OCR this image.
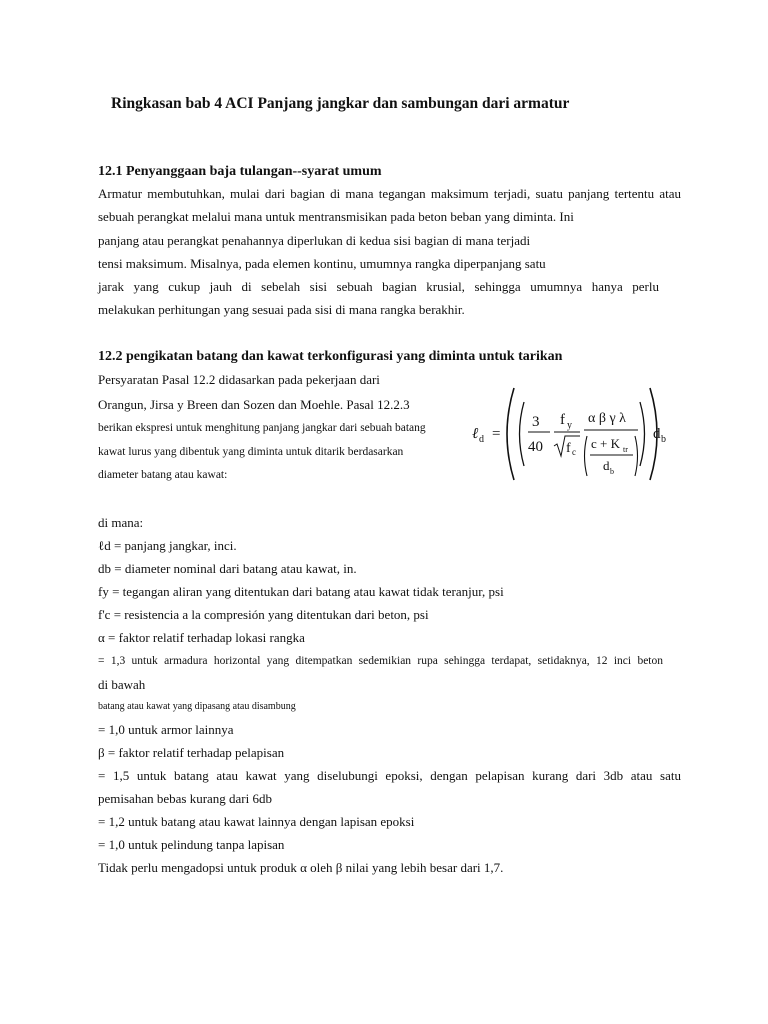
Ringkasan bab 4 ACI Panjang jangkar dan sambungan dari armatur
12.1 Penyanggaan baja tulangan--syarat umum
Armatur membutuhkan, mulai dari bagian di mana tegangan maksimum terjadi, suatu panjang tertentu atau
sebuah perangkat melalui mana untuk mentransmisikan pada beton beban yang diminta. Ini
panjang atau perangkat penahannya diperlukan di kedua sisi bagian di mana terjadi
tensi maksimum. Misalnya, pada elemen kontinu, umumnya rangka diperpanjang satu
jarak yang cukup jauh di sebelah sisi sebuah bagian krusial, sehingga umumnya hanya perlu
melakukan perhitungan yang sesuai pada sisi di mana rangka berakhir.
12.2 pengikatan batang dan kawat terkonfigurasi yang diminta untuk tarikan
Persyaratan Pasal 12.2 didasarkan pada pekerjaan dari
Orangun, Jirsa y Breen dan Sozen dan Moehle. Pasal 12.2.3
berikan ekspresi untuk menghitung panjang jangkar dari sebuah batang
kawat lurus yang dibentuk yang diminta untuk ditarik berdasarkan
diameter batang atau kawat:
ℓ d =
3
40
f y
f c
α β γ λ
c + K tr
d b
d b
di mana:
ℓd = panjang jangkar, inci.
db = diameter nominal dari batang atau kawat, in.
fy = tegangan aliran yang ditentukan dari batang atau kawat tidak teranjur, psi
f'c = resistencia a la compresión yang ditentukan dari beton, psi
α = faktor relatif terhadap lokasi rangka
= 1,3 untuk armadura horizontal yang ditempatkan sedemikian rupa sehingga terdapat, setidaknya, 12 inci beton
di bawah
batang atau kawat yang dipasang atau disambung
= 1,0 untuk armor lainnya
β = faktor relatif terhadap pelapisan
= 1,5 untuk batang atau kawat yang diselubungi epoksi, dengan pelapisan kurang dari 3db atau satu
pemisahan bebas kurang dari 6db
= 1,2 untuk batang atau kawat lainnya dengan lapisan epoksi
= 1,0 untuk pelindung tanpa lapisan
Tidak perlu mengadopsi untuk produk α oleh β nilai yang lebih besar dari 1,7.
